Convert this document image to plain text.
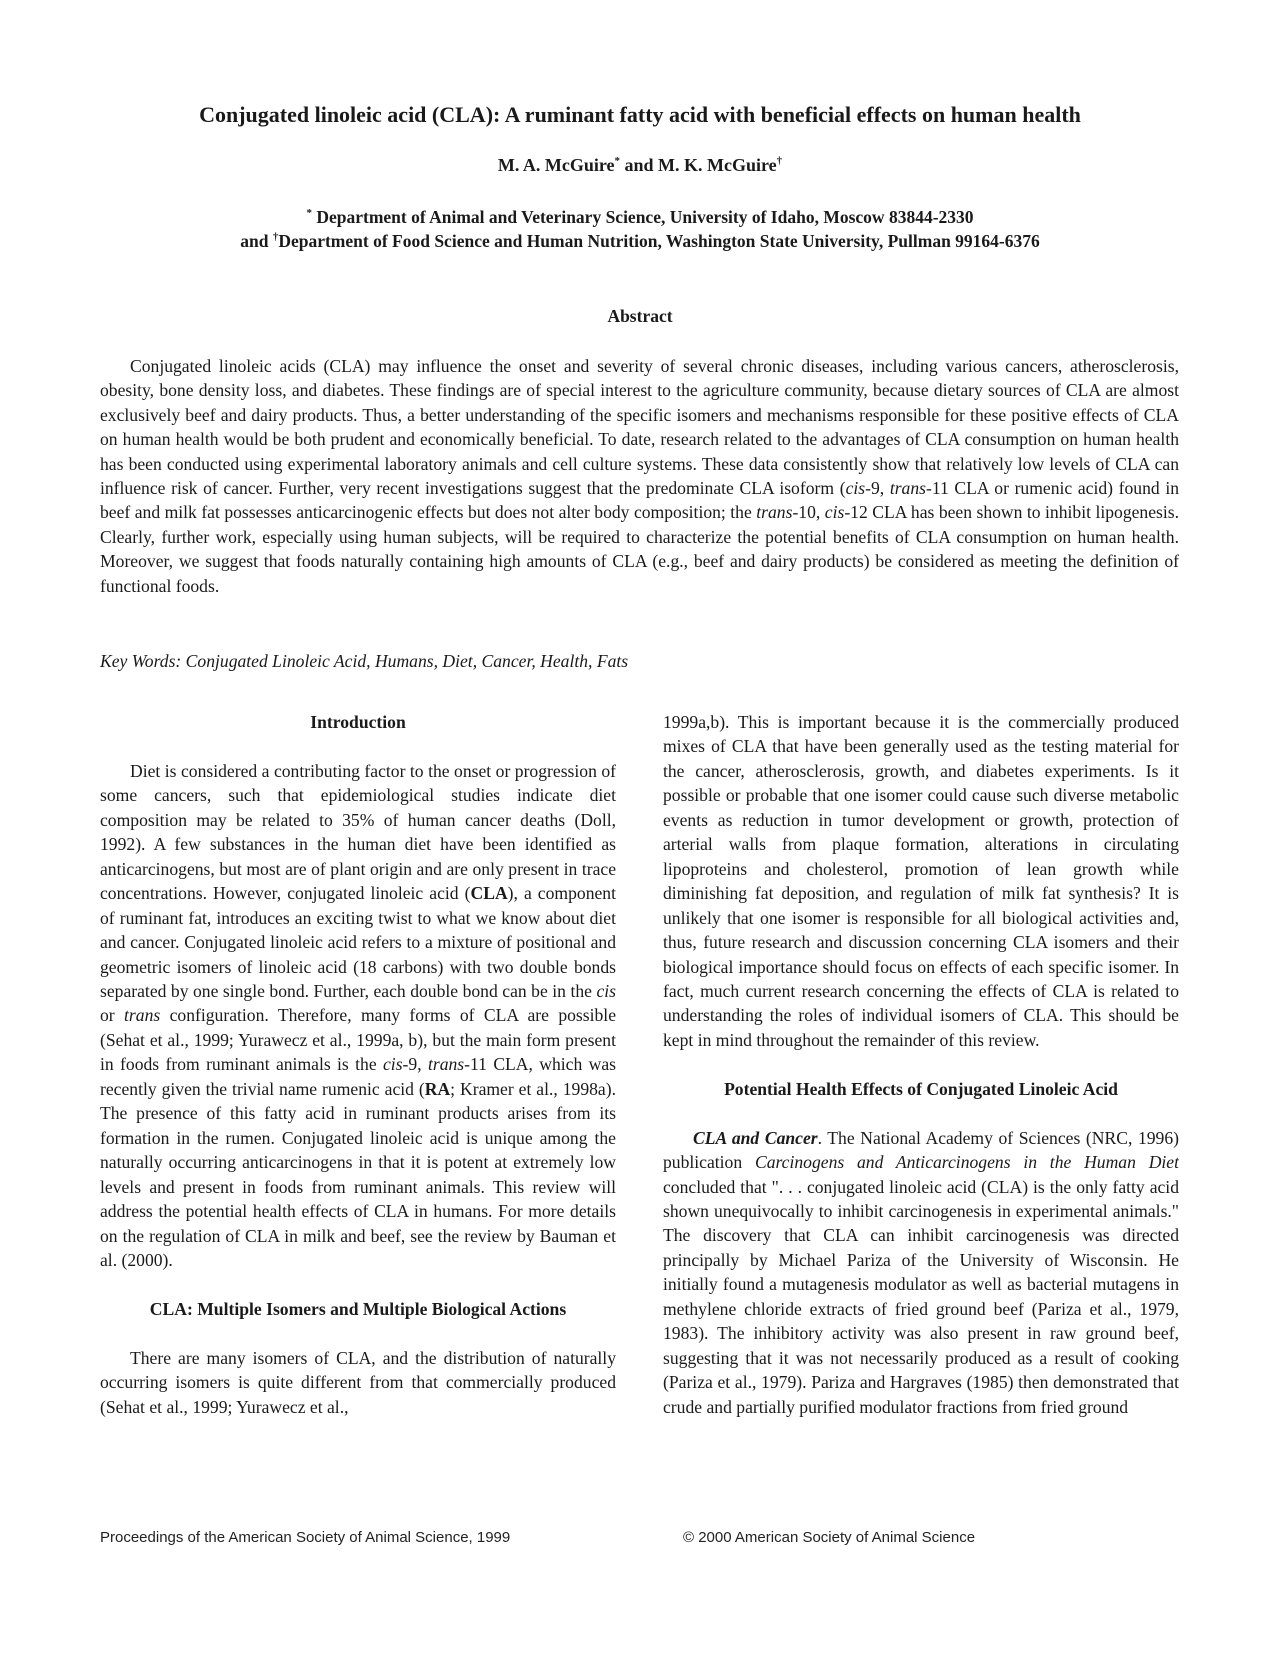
Conjugated linoleic acid (CLA): A ruminant fatty acid with beneficial effects on human health
M. A. McGuire* and M. K. McGuire†
* Department of Animal and Veterinary Science, University of Idaho, Moscow 83844-2330
and †Department of Food Science and Human Nutrition, Washington State University, Pullman 99164-6376
Abstract

Conjugated linoleic acids (CLA) may influence the onset and severity of several chronic diseases, including various cancers, atherosclerosis, obesity, bone density loss, and diabetes. These findings are of special interest to the agriculture community, because dietary sources of CLA are almost exclusively beef and dairy products. Thus, a better understanding of the specific isomers and mechanisms responsible for these positive effects of CLA on human health would be both prudent and economically beneficial. To date, research related to the advantages of CLA consumption on human health has been conducted using experimental laboratory animals and cell culture systems. These data consistently show that relatively low levels of CLA can influence risk of cancer. Further, very recent investigations suggest that the predominate CLA isoform (cis-9, trans-11 CLA or rumenic acid) found in beef and milk fat possesses anticarcinogenic effects but does not alter body composition; the trans-10, cis-12 CLA has been shown to inhibit lipogenesis. Clearly, further work, especially using human subjects, will be required to characterize the potential benefits of CLA consumption on human health. Moreover, we suggest that foods naturally containing high amounts of CLA (e.g., beef and dairy products) be considered as meeting the definition of functional foods.

Key Words: Conjugated Linoleic Acid, Humans, Diet, Cancer, Health, Fats

Introduction

Diet is considered a contributing factor to the onset or progression of some cancers, such that epidemiological studies indicate diet composition may be related to 35% of human cancer deaths (Doll, 1992). A few substances in the human diet have been identified as anticarcinogens, but most are of plant origin and are only present in trace concentrations. However, conjugated linoleic acid (CLA), a component of ruminant fat, introduces an exciting twist to what we know about diet and cancer. Conjugated linoleic acid refers to a mixture of positional and geometric isomers of linoleic acid (18 carbons) with two double bonds separated by one single bond. Further, each double bond can be in the cis or trans configuration. Therefore, many forms of CLA are possible (Sehat et al., 1999; Yurawecz et al., 1999a, b), but the main form present in foods from ruminant animals is the cis-9, trans-11 CLA, which was recently given the trivial name rumenic acid (RA; Kramer et al., 1998a). The presence of this fatty acid in ruminant products arises from its formation in the rumen. Conjugated linoleic acid is unique among the naturally occurring anticarcinogens in that it is potent at extremely low levels and present in foods from ruminant animals. This review will address the potential health effects of CLA in humans. For more details on the regulation of CLA in milk and beef, see the review by Bauman et al. (2000).

CLA: Multiple Isomers and Multiple Biological Actions

There are many isomers of CLA, and the distribution of naturally occurring isomers is quite different from that commercially produced (Sehat et al., 1999; Yurawecz et al.,

1999a,b). This is important because it is the commercially produced mixes of CLA that have been generally used as the testing material for the cancer, atherosclerosis, growth, and diabetes experiments. Is it possible or probable that one isomer could cause such diverse metabolic events as reduction in tumor development or growth, protection of arterial walls from plaque formation, alterations in circulating lipoproteins and cholesterol, promotion of lean growth while diminishing fat deposition, and regulation of milk fat synthesis? It is unlikely that one isomer is responsible for all biological activities and, thus, future research and discussion concerning CLA isomers and their biological importance should focus on effects of each specific isomer. In fact, much current research concerning the effects of CLA is related to understanding the roles of individual isomers of CLA. This should be kept in mind throughout the remainder of this review.

Potential Health Effects of Conjugated Linoleic Acid

CLA and Cancer. The National Academy of Sciences (NRC, 1996) publication Carcinogens and Anticarcinogens in the Human Diet concluded that ". . . conjugated linoleic acid (CLA) is the only fatty acid shown unequivocally to inhibit carcinogenesis in experimental animals." The discovery that CLA can inhibit carcinogenesis was directed principally by Michael Pariza of the University of Wisconsin. He initially found a mutagenesis modulator as well as bacterial mutagens in methylene chloride extracts of fried ground beef (Pariza et al., 1979, 1983). The inhibitory activity was also present in raw ground beef, suggesting that it was not necessarily produced as a result of cooking (Pariza et al., 1979). Pariza and Hargraves (1985) then demonstrated that crude and partially purified modulator fractions from fried ground

Proceedings of the American Society of Animal Science, 1999	© 2000 American Society of Animal Science
